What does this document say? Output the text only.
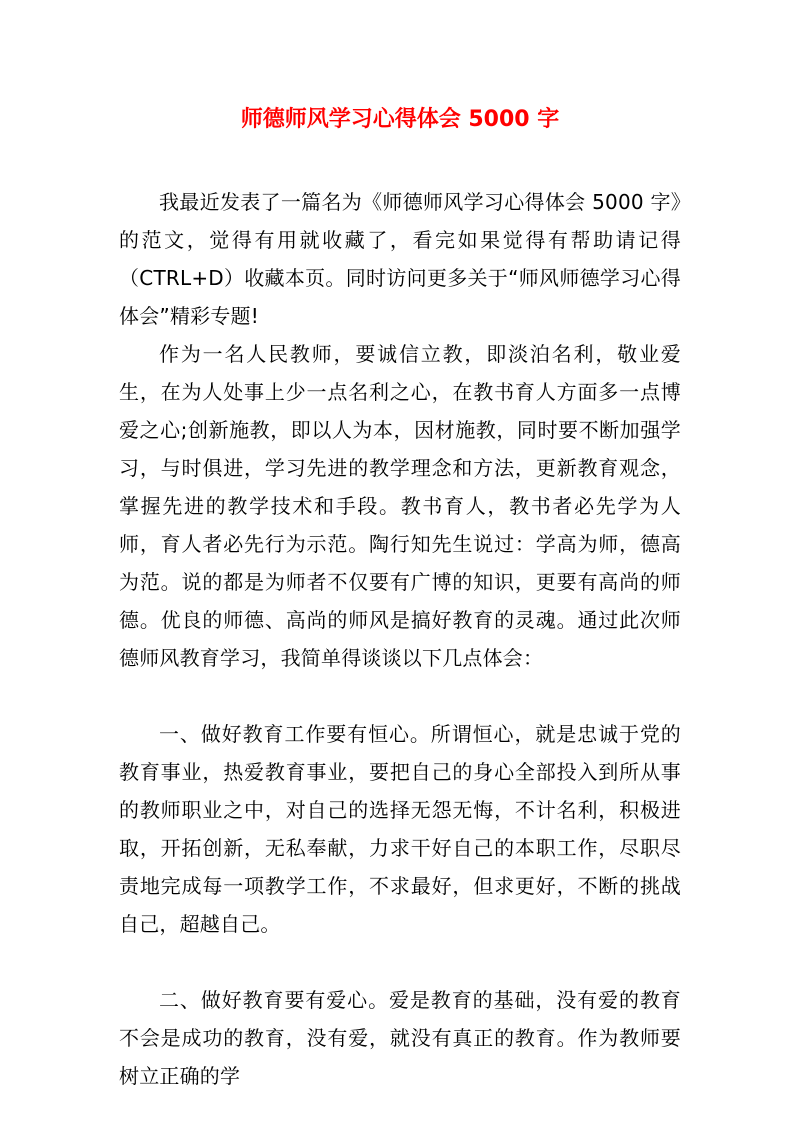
师德师风学习心得体会 5000 字

我最近发表了一篇名为《师德师风学习心得体会 5000 字》的范文，觉得有用就收藏了，看完如果觉得有帮助请记得（CTRL+D）收藏本页。同时访问更多关于“师风师德学习心得体会”精彩专题!

作为一名人民教师，要诚信立教，即淡泊名利，敬业爱生，在为人处事上少一点名利之心，在教书育人方面多一点博爱之心;创新施教，即以人为本，因材施教，同时要不断加强学习，与时俱进，学习先进的教学理念和方法，更新教育观念，掌握先进的教学技术和手段。教书育人，教书者必先学为人师，育人者必先行为示范。陶行知先生说过：学高为师，德高为范。说的都是为师者不仅要有广博的知识，更要有高尚的师德。优良的师德、高尚的师风是搞好教育的灵魂。通过此次师德师风教育学习，我简单得谈谈以下几点体会：

一、做好教育工作要有恒心。所谓恒心，就是忠诚于党的教育事业，热爱教育事业，要把自己的身心全部投入到所从事的教师职业之中，对自己的选择无怨无悔，不计名利，积极进取，开拓创新，无私奉献，力求干好自己的本职工作，尽职尽责地完成每一项教学工作，不求最好，但求更好，不断的挑战自己，超越自己。

二、做好教育要有爱心。爱是教育的基础，没有爱的教育不会是成功的教育，没有爱，就没有真正的教育。作为教师要树立正确的学
